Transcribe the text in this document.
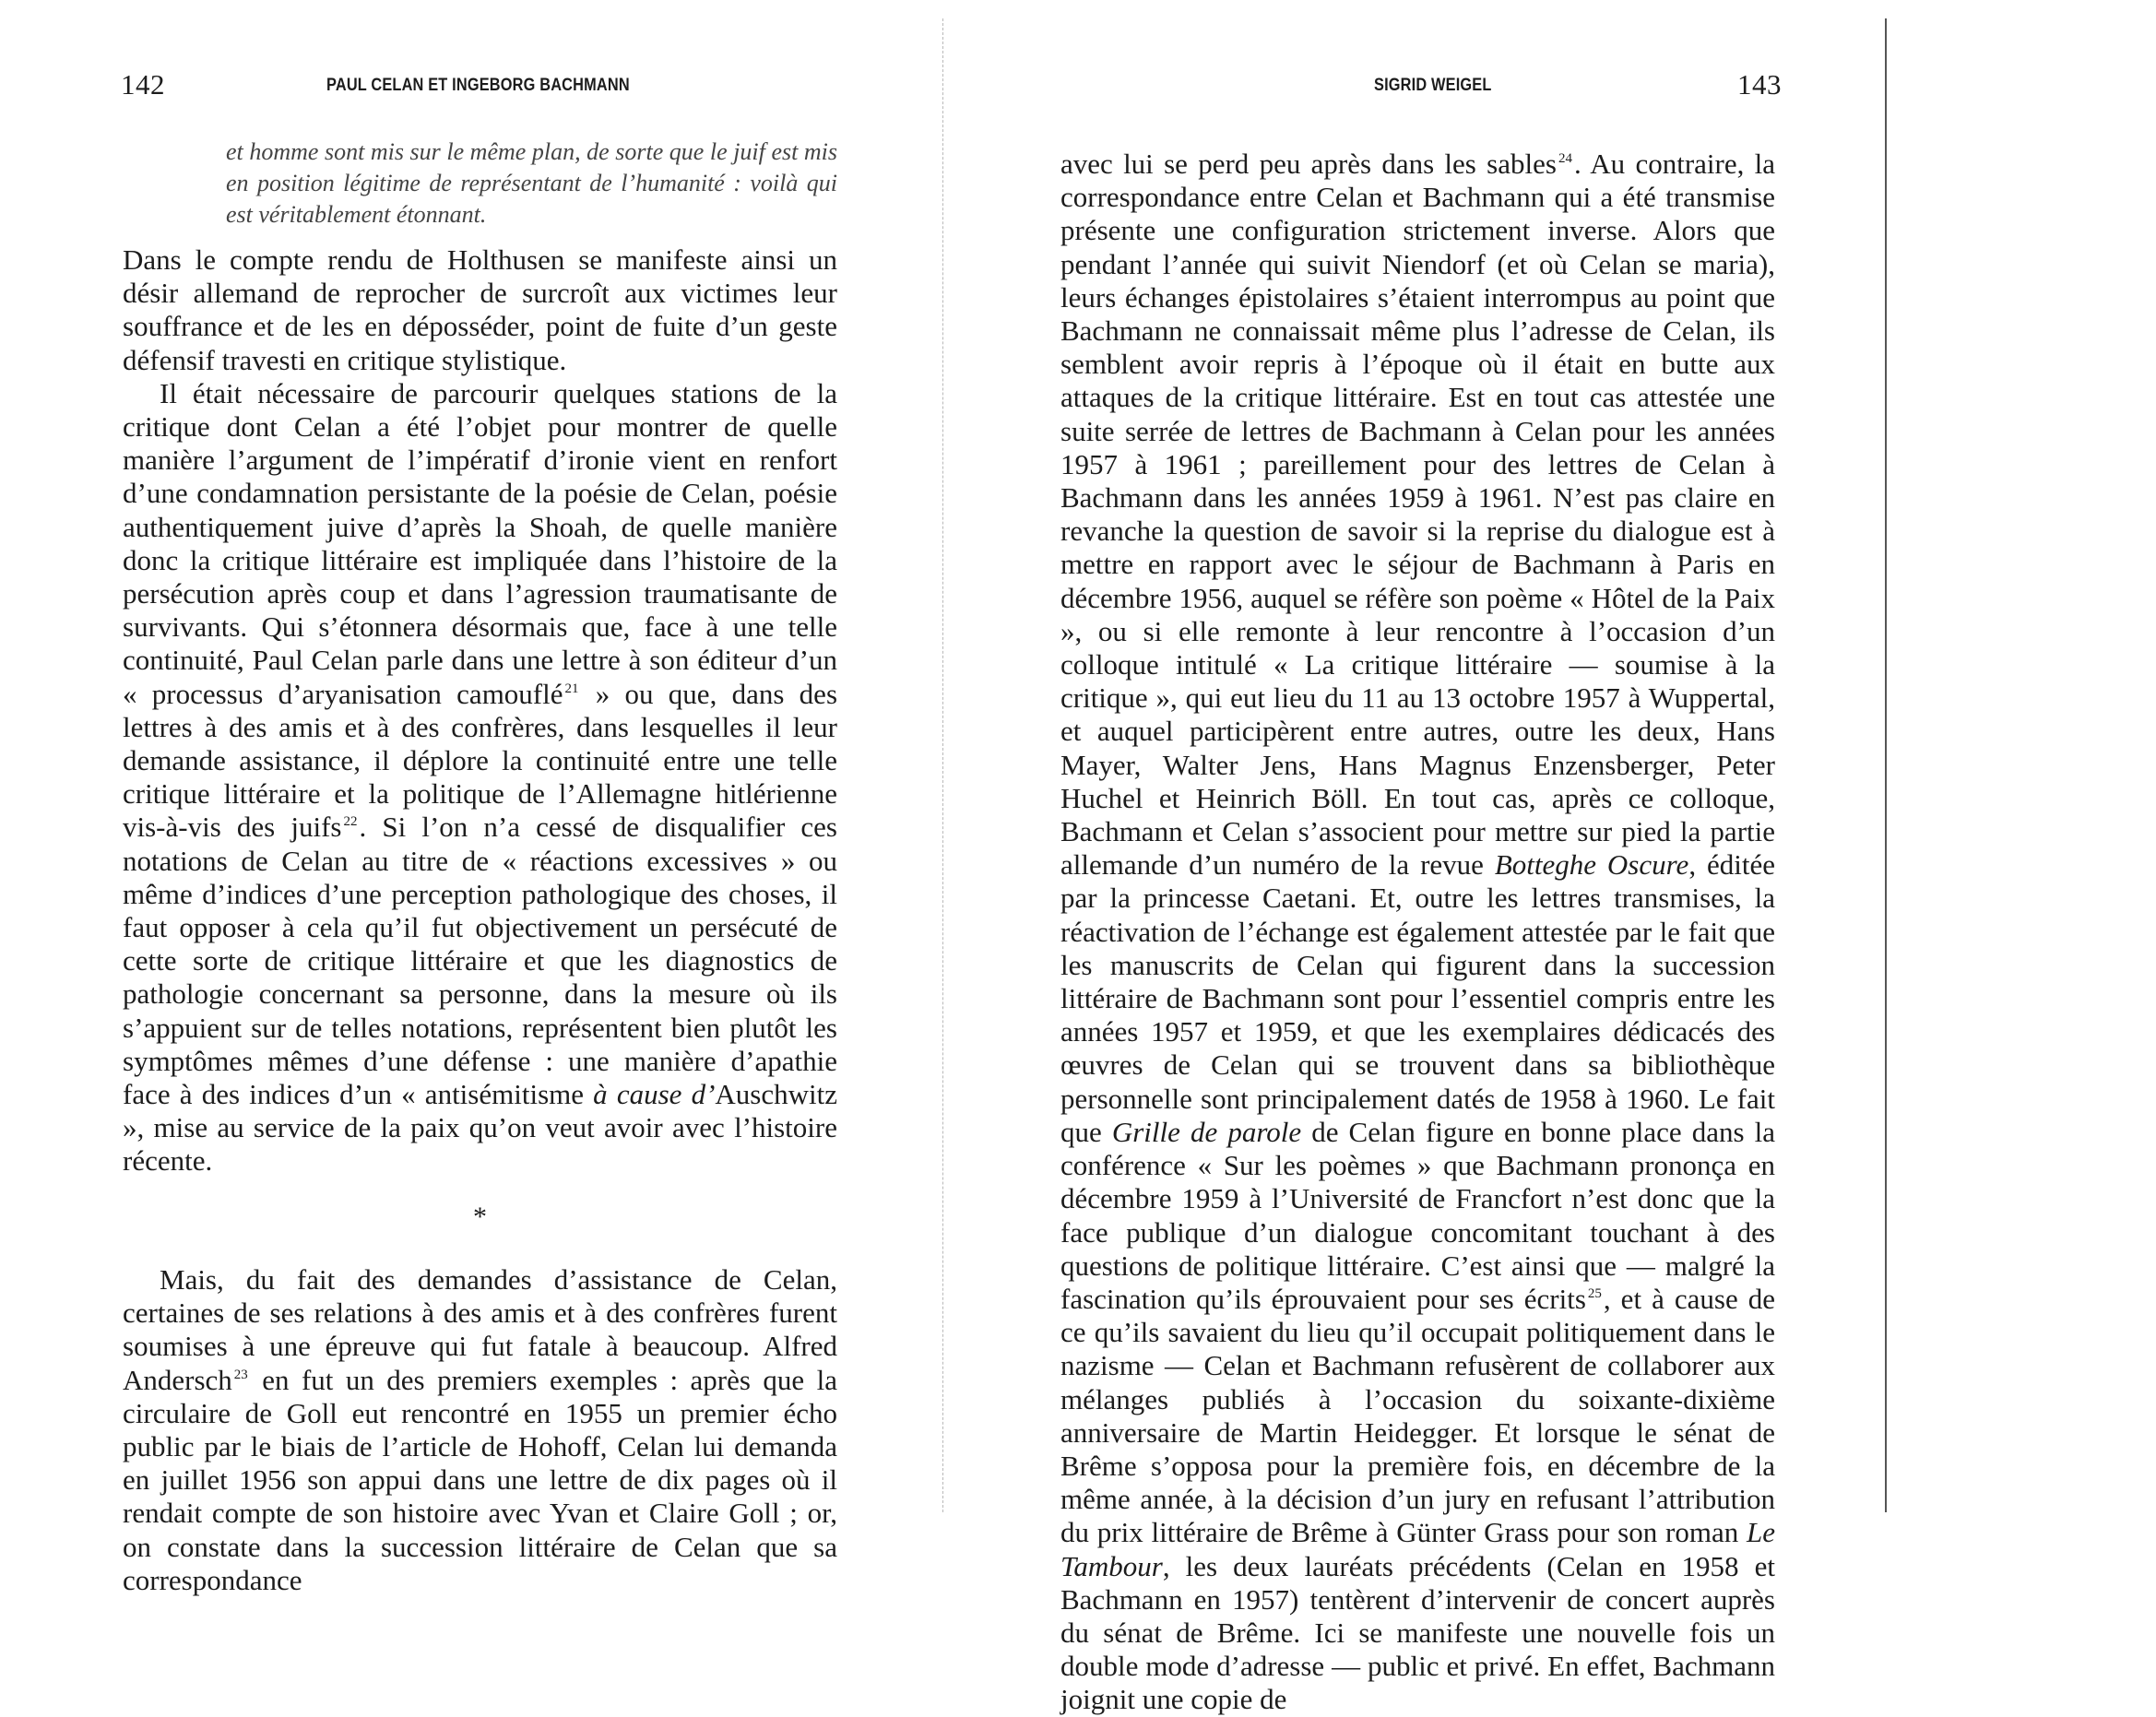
142	PAUL CELAN ET INGEBORG BACHMANN

et homme sont mis sur le même plan, de sorte que le juif est mis en position légitime de représentant de l’humanité : voilà qui est véritablement étonnant.

Dans le compte rendu de Holthusen se manifeste ainsi un désir allemand de reprocher de surcroît aux victimes leur souffrance et de les en déposséder, point de fuite d’un geste défensif travesti en critique stylistique.

Il était nécessaire de parcourir quelques stations de la critique dont Celan a été l’objet pour montrer de quelle manière l’argument de l’impératif d’ironie vient en renfort d’une condamnation persistante de la poésie de Celan, poésie authentiquement juive d’après la Shoah, de quelle manière donc la critique littéraire est impliquée dans l’histoire de la persécution après coup et dans l’agression traumatisante de survivants. Qui s’étonnera désormais que, face à une telle continuité, Paul Celan parle dans une lettre à son éditeur d’un « processus d’aryanisation camouflé $^{21}$ » ou que, dans des lettres à des amis et à des confrères, dans lesquelles il leur demande assistance, il déplore la continuité entre une telle critique littéraire et la politique de l’Allemagne hitlérienne vis-à-vis des juifs $^{22}$. Si l’on n’a cessé de disqualifier ces notations de Celan au titre de « réactions excessives » ou même d’indices d’une perception pathologique des choses, il faut opposer à cela qu’il fut objectivement un persécuté de cette sorte de critique littéraire et que les diagnostics de pathologie concernant sa personne, dans la mesure où ils s’appuient sur de telles notations, représentent bien plutôt les symptômes mêmes d’une défense : une manière d’apathie face à des indices d’un « antisémitisme à cause d’Auschwitz », mise au service de la paix qu’on veut avoir avec l’histoire récente.

*

Mais, du fait des demandes d’assistance de Celan, certaines de ses relations à des amis et à des confrères furent soumises à une épreuve qui fut fatale à beaucoup. Alfred Andersch $^{23}$ en fut un des premiers exemples : après que la circulaire de Goll eut rencontré en 1955 un premier écho public par le biais de l’article de Hohoff, Celan lui demanda en juillet 1956 son appui dans une lettre de dix pages où il rendait compte de son histoire avec Yvan et Claire Goll ; or, on constate dans la succession littéraire de Celan que sa correspondance

SIGRID WEIGEL	143

avec lui se perd peu après dans les sables $^{24}$. Au contraire, la correspondance entre Celan et Bachmann qui a été transmise présente une configuration strictement inverse. Alors que pendant l’année qui suivit Niendorf (et où Celan se maria), leurs échanges épistolaires s’étaient interrompus au point que Bachmann ne connaissait même plus l’adresse de Celan, ils semblent avoir repris à l’époque où il était en butte aux attaques de la critique littéraire. Est en tout cas attestée une suite serrée de lettres de Bachmann à Celan pour les années 1957 à 1961 ; pareillement pour des lettres de Celan à Bachmann dans les années 1959 à 1961. N’est pas claire en revanche la question de savoir si la reprise du dialogue est à mettre en rapport avec le séjour de Bachmann à Paris en décembre 1956, auquel se réfère son poème « Hôtel de la Paix », ou si elle remonte à leur rencontre à l’occasion d’un colloque intitulé « La critique littéraire — soumise à la critique », qui eut lieu du 11 au 13 octobre 1957 à Wuppertal, et auquel participèrent entre autres, outre les deux, Hans Mayer, Walter Jens, Hans Magnus Enzensberger, Peter Huchel et Heinrich Böll. En tout cas, après ce colloque, Bachmann et Celan s’associent pour mettre sur pied la partie allemande d’un numéro de la revue Botteghe Oscure, éditée par la princesse Caetani. Et, outre les lettres transmises, la réactivation de l’échange est également attestée par le fait que les manuscrits de Celan qui figurent dans la succession littéraire de Bachmann sont pour l’essentiel compris entre les années 1957 et 1959, et que les exemplaires dédicacés des œuvres de Celan qui se trouvent dans sa bibliothèque personnelle sont principalement datés de 1958 à 1960. Le fait que Grille de parole de Celan figure en bonne place dans la conférence « Sur les poèmes » que Bachmann prononça en décembre 1959 à l’Université de Francfort n’est donc que la face publique d’un dialogue concomitant touchant à des questions de politique littéraire. C’est ainsi que — malgré la fascination qu’ils éprouvaient pour ses écrits $^{25}$, et à cause de ce qu’ils savaient du lieu qu’il occupait politiquement dans le nazisme — Celan et Bachmann refusèrent de collaborer aux mélanges publiés à l’occasion du soixante-dixième anniversaire de Martin Heidegger. Et lorsque le sénat de Brême s’opposa pour la première fois, en décembre de la même année, à la décision d’un jury en refusant l’attribution du prix littéraire de Brême à Günter Grass pour son roman Le Tambour, les deux lauréats précédents (Celan en 1958 et Bachmann en 1957) tentèrent d’intervenir de concert auprès du sénat de Brême. Ici se manifeste une nouvelle fois un double mode d’adresse — public et privé. En effet, Bachmann joignit une copie de
